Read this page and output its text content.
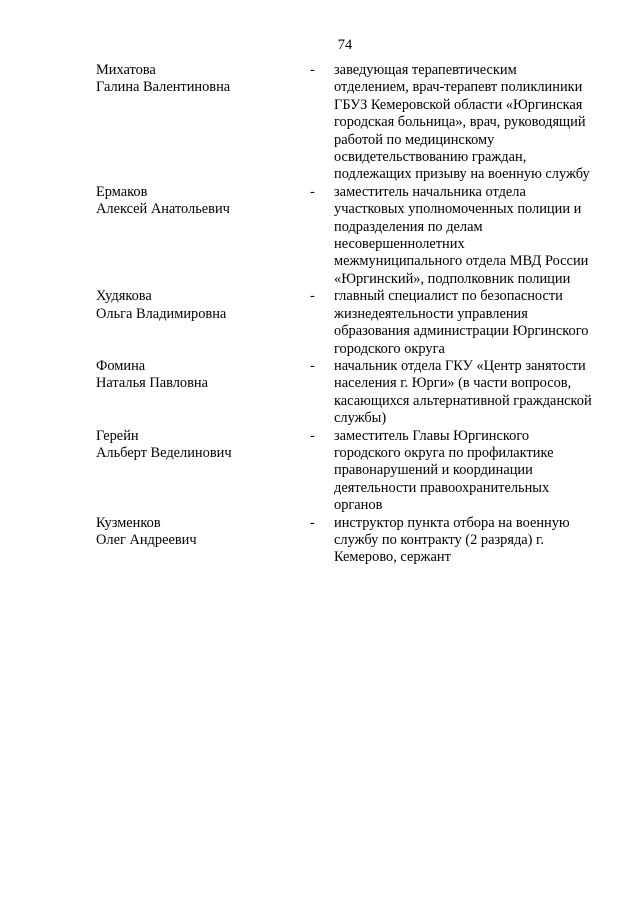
74
Михатова
Галина Валентиновна
-	заведующая терапевтическим отделением, врач-терапевт поликлиники ГБУЗ Кемеровской области «Юргинская городская больница», врач, руководящий работой по медицинскому освидетельствованию граждан, подлежащих призыву на военную службу
Ермаков
Алексей Анатольевич
-	заместитель начальника отдела участковых уполномоченных полиции и подразделения по делам несовершеннолетних межмуниципального отдела МВД России «Юргинский», подполковник полиции
Худякова
Ольга Владимировна
-	главный специалист по безопасности жизнедеятельности управления образования администрации Юргинского городского округа
Фомина
Наталья Павловна
-	начальник отдела ГКУ «Центр занятости населения г. Юрги» (в части вопросов, касающихся альтернативной гражданской службы)
Герейн
Альберт Веделинович
-	заместитель Главы Юргинского городского округа по профилактике правонарушений и координации деятельности правоохранительных органов
Кузменков
Олег Андреевич
-	инструктор пункта отбора на военную службу по контракту (2 разряда) г. Кемерово, сержант
